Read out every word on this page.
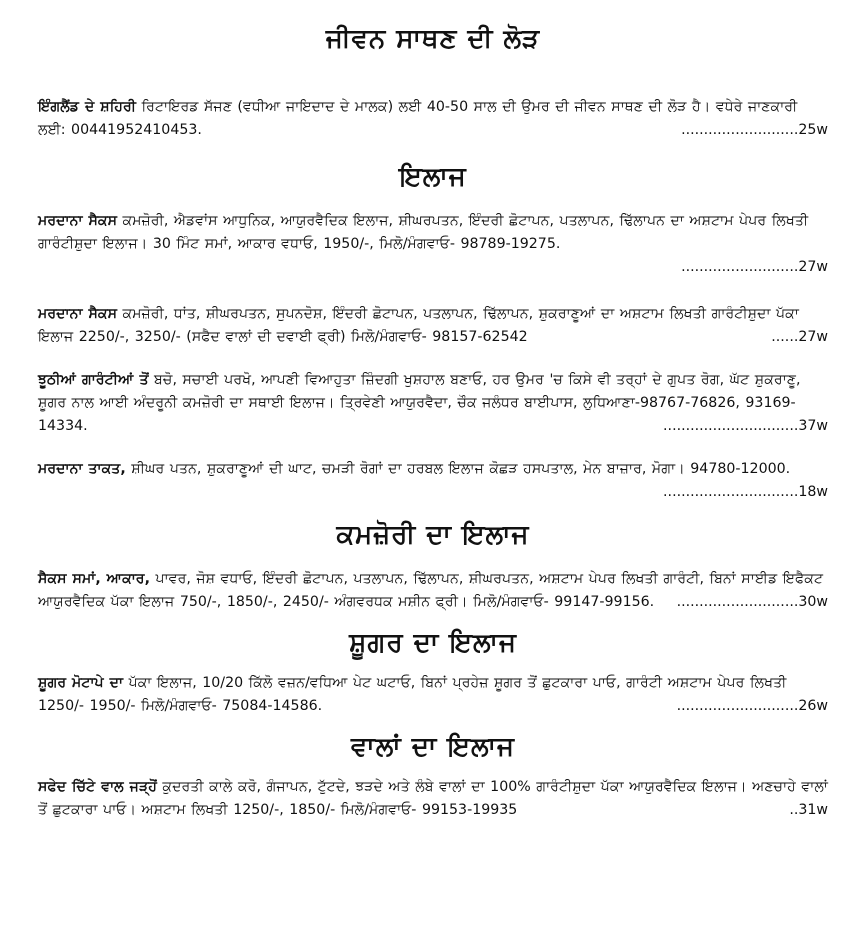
ਜੀਵਨ ਸਾਥਣ ਦੀ ਲੋੜ
ਇੰਗਲੈਂਡ ਦੇ ਸ਼ਹਿਰੀ ਰਿਟਾਇਰਡ ਸੱਜਣ (ਵਧੀਆ ਜਾਇਦਾਦ ਦੇ ਮਾਲਕ) ਲਈ 40-50 ਸਾਲ ਦੀ ਉਮਰ ਦੀ ਜੀਵਨ ਸਾਥਣ ਦੀ ਲੋੜ ਹੈ। ਵਧੇਰੇ ਜਾਣਕਾਰੀ ਲਈ: 00441952410453.	..........................25w
ਇਲਾਜ
ਮਰਦਾਨਾ ਸੈਕਸ ਕਮਜ਼ੋਰੀ, ਐਡਵਾਂਸ ਆਧੁਨਿਕ, ਆਯੁਰਵੈਦਿਕ ਇਲਾਜ, ਸ਼ੀਘਰਪਤਨ, ਇੰਦਰੀ ਛੋਟਾਪਨ, ਪਤਲਾਪਨ, ਢਿੱਲਾਪਨ ਦਾ ਅਸ਼ਟਾਮ ਪੇਪਰ ਲਿਖਤੀ ਗਾਰੰਟੀਸ਼ੁਦਾ ਇਲਾਜ। 30 ਮਿੰਟ ਸਮਾਂ, ਆਕਾਰ ਵਧਾਓ, 1950/-, ਮਿਲੋ/ਮੰਗਵਾਓ- 98789-19275.
..........................27w
ਮਰਦਾਨਾ ਸੈਕਸ ਕਮਜ਼ੋਰੀ, ਧਾਂਤ, ਸ਼ੀਘਰਪਤਨ, ਸੁਪਨਦੋਸ਼, ਇੰਦਰੀ ਛੋਟਾਪਨ, ਪਤਲਾਪਨ, ਢਿੱਲਾਪਨ, ਸ਼ੁਕਰਾਣੂਆਂ ਦਾ ਅਸ਼ਟਾਮ ਲਿਖਤੀ ਗਾਰੰਟੀਸ਼ੁਦਾ ਪੱਕਾ ਇਲਾਜ 2250/-, 3250/- (ਸਫੈਦ ਵਾਲਾਂ ਦੀ ਦਵਾਈ ਫ੍ਰੀ) ਮਿਲੋ/ਮੰਗਵਾਓ- 98157-62542	......27w
ਝੂਠੀਆਂ ਗਾਰੰਟੀਆਂ ਤੋਂ ਬਚੋ, ਸਚਾਈ ਪਰਖੋ, ਆਪਣੀ ਵਿਆਹੁਤਾ ਜ਼ਿੰਦਗੀ ਖੁਸ਼ਹਾਲ ਬਣਾਓ, ਹਰ ਉਮਰ 'ਚ ਕਿਸੇ ਵੀ ਤਰ੍ਹਾਂ ਦੇ ਗੁਪਤ ਰੋਗ, ਘੱਟ ਸ਼ੁਕਰਾਣੂ, ਸ਼ੂਗਰ ਨਾਲ ਆਈ ਅੰਦਰੂਨੀ ਕਮਜ਼ੋਰੀ ਦਾ ਸਥਾਈ ਇਲਾਜ। ਤ੍ਰਿਵੇਣੀ ਆਯੁਰਵੈਦਾ, ਚੌਕ ਜਲੰਧਰ ਬਾਈਪਾਸ, ਲੁਧਿਆਣਾ-98767-76826, 93169-14334.	..............................37w
ਮਰਦਾਨਾ ਤਾਕਤ, ਸ਼ੀਘਰ ਪਤਨ, ਸ਼ੁਕਰਾਣੂਆਂ ਦੀ ਘਾਟ, ਚਮੜੀ ਰੋਗਾਂ ਦਾ ਹਰਬਲ ਇਲਾਜ ਕੋਛੜ ਹਸਪਤਾਲ, ਮੇਨ ਬਾਜ਼ਾਰ, ਮੋਗਾ। 94780-12000.
..............................18w
ਕਮਜ਼ੋਰੀ ਦਾ ਇਲਾਜ
ਸੈਕਸ ਸਮਾਂ, ਆਕਾਰ, ਪਾਵਰ, ਜੋਸ਼ ਵਧਾਓ, ਇੰਦਰੀ ਛੋਟਾਪਨ, ਪਤਲਾਪਨ, ਢਿੱਲਾਪਨ, ਸ਼ੀਘਰਪਤਨ, ਅਸ਼ਟਾਮ ਪੇਪਰ ਲਿਖਤੀ ਗਾਰੰਟੀ, ਬਿਨਾਂ ਸਾਈਡ ਇਫੈਕਟ ਆਯੁਰਵੈਦਿਕ ਪੱਕਾ ਇਲਾਜ 750/-, 1850/-, 2450/- ਅੰਗਵਰਧਕ ਮਸ਼ੀਨ ਫ੍ਰੀ। ਮਿਲੋ/ਮੰਗਵਾਓ- 99147-99156. ...........................30w
ਸ਼ੂਗਰ ਦਾ ਇਲਾਜ
ਸ਼ੂਗਰ ਮੋਟਾਪੇ ਦਾ ਪੱਕਾ ਇਲਾਜ, 10/20 ਕਿੱਲੋ ਵਜ਼ਨ/ਵਧਿਆ ਪੇਟ ਘਟਾਓ, ਬਿਨਾਂ ਪ੍ਰਹੇਜ਼ ਸ਼ੂਗਰ ਤੋਂ ਛੁਟਕਾਰਾ ਪਾਓ, ਗਾਰੰਟੀ ਅਸ਼ਟਾਮ ਪੇਪਰ ਲਿਖਤੀ 1250/- 1950/- ਮਿਲੋ/ਮੰਗਵਾਓ- 75084-14586.	...........................26w
ਵਾਲਾਂ ਦਾ ਇਲਾਜ
ਸਫੇਦ ਚਿੱਟੇ ਵਾਲ ਜੜ੍ਹੋਂ ਕੁਦਰਤੀ ਕਾਲੇ ਕਰੋ, ਗੰਜਾਪਨ, ਟੁੱਟਦੇ, ਝੜਦੇ ਅਤੇ ਲੰਬੇ ਵਾਲਾਂ ਦਾ 100% ਗਾਰੰਟੀਸ਼ੁਦਾ ਪੱਕਾ ਆਯੁਰਵੈਦਿਕ ਇਲਾਜ। ਅਣਚਾਹੇ ਵਾਲਾਂ ਤੋਂ ਛੁਟਕਾਰਾ ਪਾਓ। ਅਸ਼ਟਾਮ ਲਿਖਤੀ 1250/-, 1850/- ਮਿਲੋ/ਮੰਗਵਾਓ- 99153-19935	..31w
